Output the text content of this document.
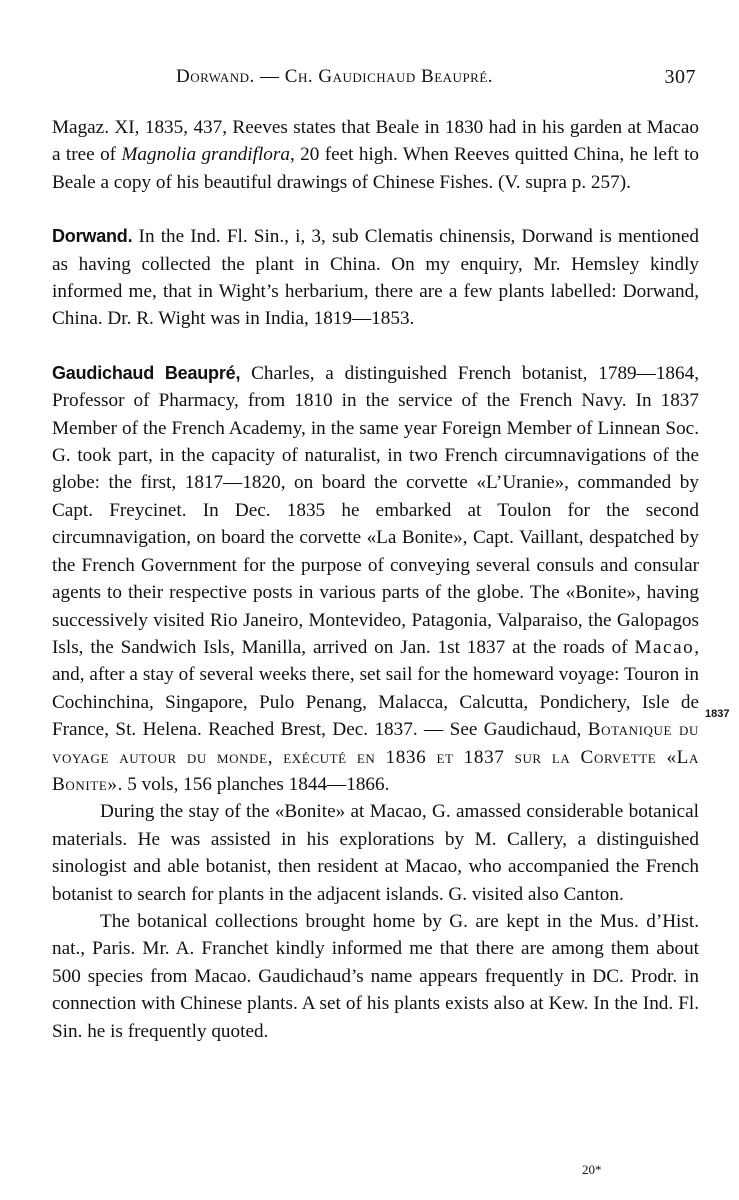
Dorwand. — Ch. Gaudichaud Beaupré.	307

Magaz. XI, 1835, 437, Reeves states that Beale in 1830 had in his garden at Macao a tree of Magnolia grandiflora, 20 feet high. When Reeves quitted China, he left to Beale a copy of his beautiful drawings of Chinese Fishes. (V. supra p. 257).

Dorwand. In the Ind. Fl. Sin., i, 3, sub Clematis chinensis, Dorwand is mentioned as having collected the plant in China. On my enquiry, Mr. Hemsley kindly informed me, that in Wight’s herbarium, there are a few plants labelled: Dorwand, China. Dr. R. Wight was in India, 1819—1853.

Gaudichaud Beaupré, Charles, a distinguished French botanist, 1789—1864, Professor of Pharmacy, from 1810 in the service of the French Navy. In 1837 Member of the French Academy, in the same year Foreign Member of Linnean Soc. G. took part, in the capacity of naturalist, in two French circumnavigations of the globe: the first, 1817—1820, on board the corvette «L’Uranie», commanded by Capt. Freycinet. In Dec. 1835 he embarked at Toulon for the second circumnavigation, on board the corvette «La Bonite», Capt. Vaillant, despatched by the French Government for the purpose of conveying several consuls and consular agents to their respective posts in various parts of the globe. The «Bonite», having successively visited Rio Janeiro, Montevideo, Patagonia, Valparaiso, the Galopagos Isls, the Sandwich Isls, Manilla, arrived on Jan. 1st 1837 at the roads of Macao, and, after a stay of several weeks there, set sail for the homeward voyage: Touron in Cochinchina, Singapore, Pulo Penang, Malacca, Calcutta, Pondichery, Isle de France, St. Helena. Reached Brest, Dec. 1837. — See Gaudichaud, Botanique du voyage autour du monde, exécuté en 1836 et 1837 sur la Corvette «La Bonite». 5 vols, 156 planches 1844—1866.

During the stay of the «Bonite» at Macao, G. amassed considerable botanical materials. He was assisted in his explorations by M. Callery, a distinguished sinologist and able botanist, then resident at Macao, who accompanied the French botanist to search for plants in the adjacent islands. G. visited also Canton.

The botanical collections brought home by G. are kept in the Mus. d’Hist. nat., Paris. Mr. A. Franchet kindly informed me that there are among them about 500 species from Macao. Gaudichaud’s name appears frequently in DC. Prodr. in connection with Chinese plants. A set of his plants exists also at Kew. In the Ind. Fl. Sin. he is frequently quoted.

1837
20*
